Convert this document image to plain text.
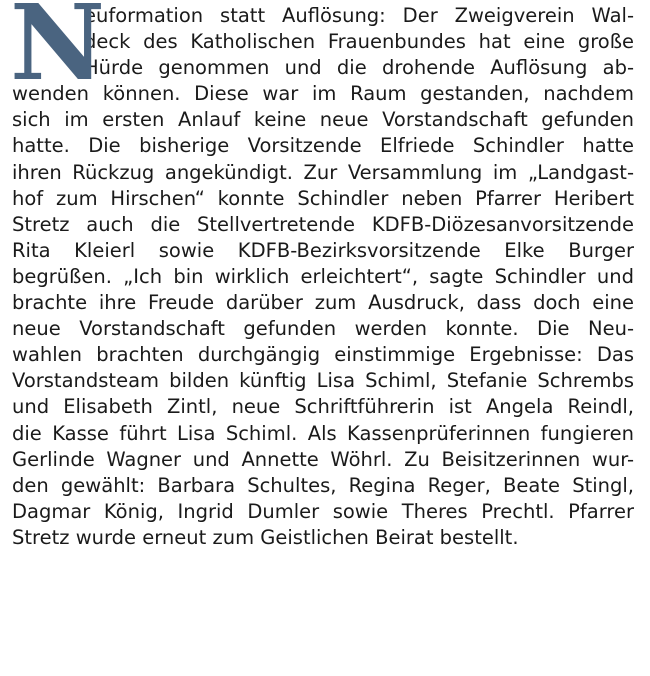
N
euformation statt Auflösung: Der Zweigverein Wal-
deck des Katholischen Frauenbundes hat eine große
Hürde genommen und die drohende Auflösung ab-
wenden können. Diese war im Raum gestanden, nachdem
sich im ersten Anlauf keine neue Vorstandschaft gefunden
hatte. Die bisherige Vorsitzende Elfriede Schindler hatte
ihren Rückzug angekündigt. Zur Versammlung im „Landgast-
hof zum Hirschen“ konnte Schindler neben Pfarrer Heribert
Stretz auch die Stellvertretende KDFB-Diözesanvorsitzende
Rita Kleierl sowie KDFB-Bezirksvorsitzende Elke Burger
begrüßen. „Ich bin wirklich erleichtert“, sagte Schindler und
brachte ihre Freude darüber zum Ausdruck, dass doch eine
neue Vorstandschaft gefunden werden konnte. Die Neu-
wahlen brachten durchgängig einstimmige Ergebnisse: Das
Vorstandsteam bilden künftig Lisa Schiml, Stefanie Schrembs
und Elisabeth Zintl, neue Schriftführerin ist Angela Reindl,
die Kasse führt Lisa Schiml. Als Kassenprüferinnen fungieren
Gerlinde Wagner und Annette Wöhrl. Zu Beisitzerinnen wur-
den gewählt: Barbara Schultes, Regina Reger, Beate Stingl,
Dagmar König, Ingrid Dumler sowie Theres Prechtl. Pfarrer
Stretz wurde erneut zum Geistlichen Beirat bestellt.
